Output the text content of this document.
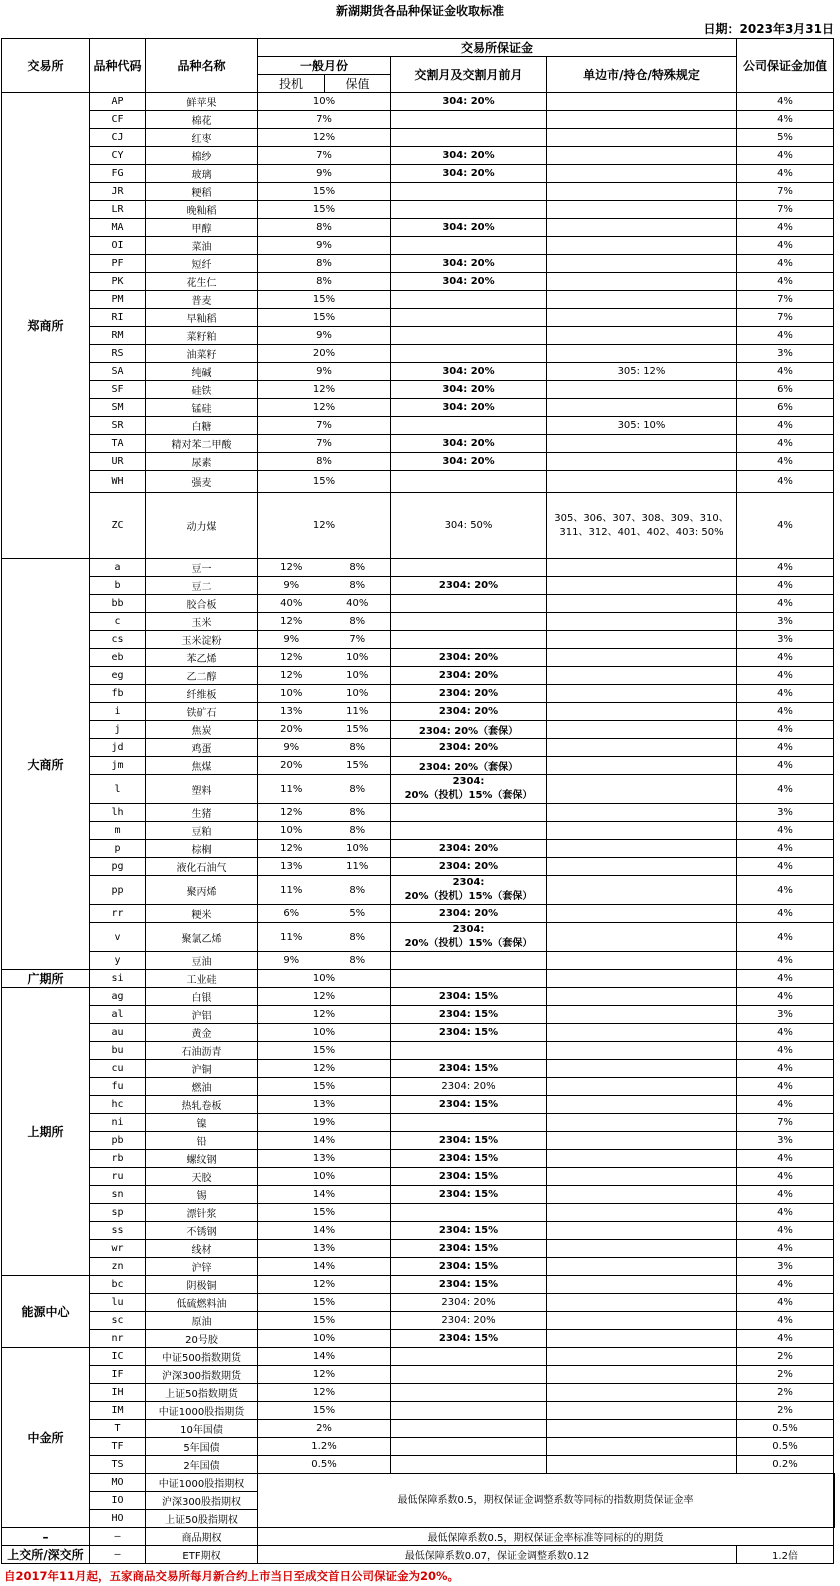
新湖期货各品种保证金收取标准
日期：2023年3月31日
交易所	品种代码	品种名称	交易所保证金				公司保证金加值	
			一般月份		交割月及交割月前月	单边市/持仓/特殊规定		
			投机	保值				
郑商所	AP	鲜苹果	10%		304: 20%		4%	
	CF	棉花	7%				4%	
	CJ	红枣	12%				5%	
	CY	棉纱	7%		304: 20%		4%	
	FG	玻璃	9%		304: 20%		4%	
	JR	粳稻	15%				7%	
	LR	晚籼稻	15%				7%	
	MA	甲醇	8%		304: 20%		4%	
	OI	菜油	9%				4%	
	PF	短纤	8%		304: 20%		4%	
	PK	花生仁	8%		304: 20%		4%	
	PM	普麦	15%				7%	
	RI	早籼稻	15%				7%	
	RM	菜籽粕	9%				4%	
	RS	油菜籽	20%				3%	
	SA	纯碱	9%		304: 20%	305: 12%	4%	
	SF	硅铁	12%		304: 20%		6%	
	SM	锰硅	12%		304: 20%		6%	
	SR	白糖	7%			305: 10%	4%	
	TA	精对苯二甲酸	7%		304: 20%		4%	
	UR	尿素	8%		304: 20%		4%	
	WH	强麦	15%				4%	
	ZC	动力煤	12%		304: 50%	305、306、307、308、309、310、311、312、401、402、403: 50%	4%	
大商所	a	豆一	12%	8%			4%	
	b	豆二	9%	8%	2304: 20%		4%	
	bb	胶合板	40%	40%			4%	
	c	玉米	12%	8%			3%	
	cs	玉米淀粉	9%	7%			3%	
	eb	苯乙烯	12%	10%	2304: 20%		4%	
	eg	乙二醇	12%	10%	2304: 20%		4%	
	fb	纤维板	10%	10%	2304: 20%		4%	
	i	铁矿石	13%	11%	2304: 20%		4%	
	j	焦炭	20%	15%	2304: 20%（套保）		4%	
	jd	鸡蛋	9%	8%	2304: 20%		4%	
	jm	焦煤	20%	15%	2304: 20%（套保）		4%	
	l	塑料	11%	8%	2304:
20%（投机）15%（套保）		4%	
	lh	生猪	12%	8%			3%	
	m	豆粕	10%	8%			4%	
	p	棕榈	12%	10%	2304: 20%		4%	
	pg	液化石油气	13%	11%	2304: 20%		4%	
	pp	聚丙烯	11%	8%	2304:
20%（投机）15%（套保）		4%	
	rr	粳米	6%	5%	2304: 20%		4%	
	v	聚氯乙烯	11%	8%	2304:
20%（投机）15%（套保）		4%	
	y	豆油	9%	8%			4%	
广期所	si	工业硅	10%				4%	
上期所	ag	白银	12%		2304: 15%		4%	
	al	沪铝	12%		2304: 15%		3%	
	au	黄金	10%		2304: 15%		4%	
	bu	石油沥青	15%				4%	
	cu	沪铜	12%		2304: 15%		4%	
	fu	燃油	15%		2304: 20%		4%	
	hc	热轧卷板	13%		2304: 15%		4%	
	ni	镍	19%				7%	
	pb	铅	14%		2304: 15%		3%	
	rb	螺纹钢	13%		2304: 15%		4%	
	ru	天胶	10%		2304: 15%		4%	
	sn	锡	14%		2304: 15%		4%	
	sp	漂针浆	15%				4%	
	ss	不锈钢	14%		2304: 15%		4%	
	wr	线材	13%		2304: 15%		4%	
	zn	沪锌	14%		2304: 15%		3%	
能源中心	bc	阴极铜	12%		2304: 15%		4%	
	lu	低硫燃料油	15%		2304: 20%		4%	
	sc	原油	15%		2304: 20%		4%	
	nr	20号胶	10%		2304: 15%		4%	
中金所	IC	中证500指数期货	14%				2%	
	IF	沪深300指数期货	12%				2%	
	IH	上证50指数期货	12%				2%	
	IM	中证1000股指期货	15%				2%	
	T	10年国债	2%				0.5%	
	TF	5年国债	1.2%				0.5%	
	TS	2年国债	0.5%				0.2%	
	MO	中证1000股指期权	最低保障系数0.5，期权保证金调整系数等同标的指数期货保证金率					
	IO	沪深300股指期权						
	HO	上证50股指期权						
–	–	商品期权	最低保障系数0.5，期权保证金率标准等同标的的期货					
上交所/深交所	–	ETF期权	最低保障系数0.07，保证金调整系数0.12				1.2倍	
自2017年11月起，五家商品交易所每月新合约上市当日至成交首日公司保证金为20%。
